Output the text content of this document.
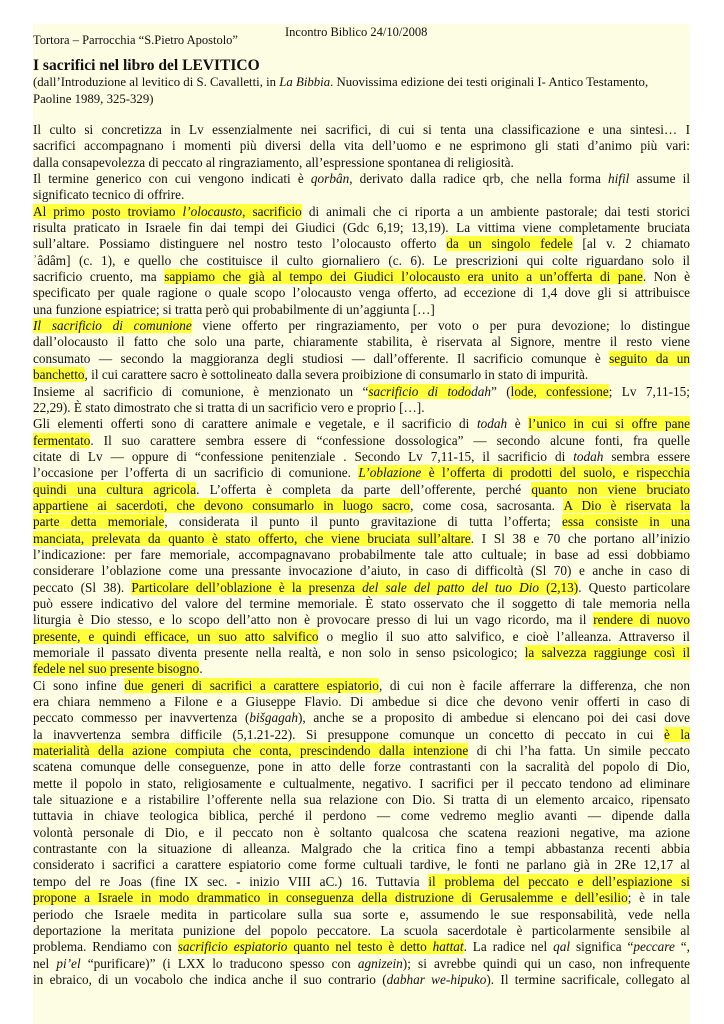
Tortora – Parrocchia “S.Pietro Apostolo”
Incontro Biblico 24/10/2008
I sacrifici nel libro del LEVITICO
(dall’Introduzione al levitico di S. Cavalletti, in La Bibbia. Nuovissima edizione dei testi originali I- Antico Testamento,
Paoline 1989, 325-329)
Il culto si concretizza in Lv essenzialmente nei sacrifici, di cui si tenta una classificazione e una sintesi… I
sacrifici accompagnano i momenti più diversi della vita dell’uomo e ne esprimono gli stati d’animo più vari:
dalla consapevolezza di peccato al ringraziamento, all’espressione spontanea di religiosità.
Il termine generico con cui vengono indicati è qorbân, derivato dalla radice qrb, che nella forma hifil assume il
significato tecnico di offrire.
Al primo posto troviamo l’olocausto, sacrificio di animali che ci riporta a un ambiente pastorale; dai testi storici
risulta praticato in Israele fin dai tempi dei Giudici (Gdc 6,19; 13,19). La vittima viene completamente bruciata
sull’altare. Possiamo distinguere nel nostro testo l’olocausto offerto da un singolo fedele [al v. 2 chiamato
ʾâdâm] (c. 1), e quello che costituisce il culto giornaliero (c. 6). Le prescrizioni qui colte riguardano solo il
sacrificio cruento, ma sappiamo che già al tempo dei Giudici l’olocausto era unito a un’offerta di pane. Non è
specificato per quale ragione o quale scopo l’olocausto venga offerto, ad eccezione di 1,4 dove gli si attribuisce
una funzione espiatrice; si tratta però qui probabilmente di un’aggiunta […]
Il sacrificio di comunione viene offerto per ringraziamento, per voto o per pura devozione; lo distingue
dall’olocausto il fatto che solo una parte, chiaramente stabilita, è riservata al Signore, mentre il resto viene
consumato — secondo la maggioranza degli studiosi — dall’offerente. Il sacrificio comunque è seguito da un
banchetto, il cui carattere sacro è sottolineato dalla severa proibizione di consumarlo in stato di impurità.
Insieme al sacrificio di comunione, è menzionato un “sacrificio di tododah” (lode, confessione; Lv 7,11-15;
22,29). È stato dimostrato che si tratta di un sacrificio vero e proprio […].
Gli elementi offerti sono di carattere animale e vegetale, e il sacrificio di todah è l’unico in cui si offre pane
fermentato. Il suo carattere sembra essere di “confessione dossologica” — secondo alcune fonti, fra quelle
citate di Lv — oppure di “confessione penitenziale . Secondo Lv 7,11-15, il sacrificio di todah sembra essere
l’occasione per l’offerta di un sacrificio di comunione. L’oblazione è l’offerta di prodotti del suolo, e rispecchia
quindi una cultura agricola. L’offerta è completa da parte dell’offerente, perché quanto non viene bruciato
appartiene ai sacerdoti, che devono consumarlo in luogo sacro, come cosa, sacrosanta. A Dio è riservata la
parte detta memoriale, considerata il punto il punto gravitazione di tutta l’offerta; essa consiste in una
manciata, prelevata da quanto è stato offerto, che viene bruciata sull’altare. I Sl 38 e 70 che portano all’inizio
l’indicazione: per fare memoriale, accompagnavano probabilmente tale atto cultuale; in base ad essi dobbiamo
considerare l’oblazione come una pressante invocazione d’aiuto, in caso di difficoltà (Sl 70) e anche in caso di
peccato (Sl 38). Particolare dell’oblazione è la presenza del sale del patto del tuo Dio (2,13). Questo particolare
può essere indicativo del valore del termine memoriale. È stato osservato che il soggetto di tale memoria nella
liturgia è Dio stesso, e lo scopo dell’atto non è provocare presso di lui un vago ricordo, ma il rendere di nuovo
presente, e quindi efficace, un suo atto salvifico o meglio il suo atto salvifico, e cioè l’alleanza. Attraverso il
memoriale il passato diventa presente nella realtà, e non solo in senso psicologico; la salvezza raggiunge così il
fedele nel suo presente bisogno.
Ci sono infine due generi di sacrifici a carattere espiatorio, di cui non è facile afferrare la differenza, che non
era chiara nemmeno a Filone e a Giuseppe Flavio. Di ambedue si dice che devono venir offerti in caso di
peccato commesso per inavvertenza (bišgagah), anche se a proposito di ambedue si elencano poi dei casi dove
la inavvertenza sembra difficile (5,1.21-22). Si presuppone comunque un concetto di peccato in cui è la
materialità della azione compiuta che conta, prescindendo dalla intenzione di chi l’ha fatta. Un simile peccato
scatena comunque delle conseguenze, pone in atto delle forze contrastanti con la sacralità del popolo di Dio,
mette il popolo in stato, religiosamente e cultualmente, negativo. I sacrifici per il peccato tendono ad eliminare
tale situazione e a ristabilire l’offerente nella sua relazione con Dio. Si tratta di un elemento arcaico, ripensato
tuttavia in chiave teologica biblica, perché il perdono — come vedremo meglio avanti — dipende dalla
volontà personale di Dio, e il peccato non è soltanto qualcosa che scatena reazioni negative, ma azione
contrastante con la situazione di alleanza. Malgrado che la critica fino a tempi abbastanza recenti abbia
considerato i sacrifici a carattere espiatorio come forme cultuali tardive, le fonti ne parlano già in 2Re 12,17 al
tempo del re Joas (fine IX sec. - inizio VIII aC.) 16. Tuttavia il problema del peccato e dell’espiazione si
propone a Israele in modo drammatico in conseguenza della distruzione di Gerusalemme e dell’esilio; è in tale
periodo che Israele medita in particolare sulla sua sorte e, assumendo le sue responsabilità, vede nella
deportazione la meritata punizione del popolo peccatore. La scuola sacerdotale è particolarmente sensibile al
problema. Rendiamo con sacrificio espiatorio quanto nel testo è detto hattat. La radice nel qal significa “peccare “,
nel pi’el “purificare)” (i LXX lo traducono spesso con agnizein); si avrebbe quindi qui un caso, non infrequente
in ebraico, di un vocabolo che indica anche il suo contrario (dabhar we-hipuko). Il termine sacrificale, collegato al
